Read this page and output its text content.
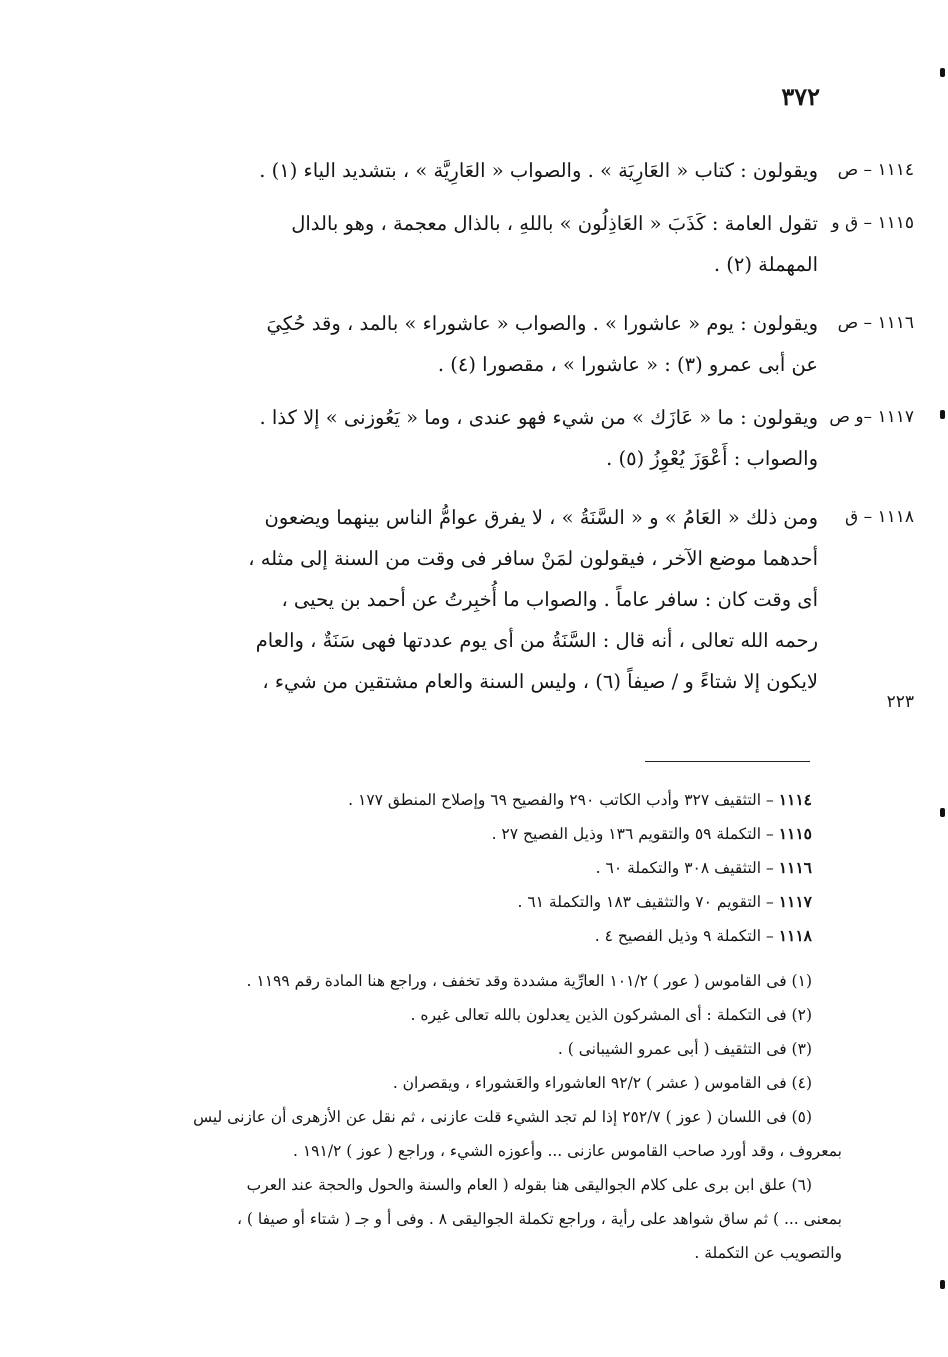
٣٧٢
١١١٤ – ص
ويقولون : كتاب « العَارِيَة » . والصواب « العَارِيَّة » ، بتشديد الياء (١) .
١١١٥ – ق و
تقول العامة : كَذَبَ « العَاذِلُون » باللهِ ، بالذال معجمة ، وهو بالدال
المهملة (٢) .
١١١٦ – ص
ويقولون : يوم « عاشورا » . والصواب « عاشوراء » بالمد ، وقد حُكِيَ
عن أبى عمرو (٣) : « عاشورا » ، مقصورا (٤) .
١١١٧ –و ص
ويقولون : ما « عَازَك » من شيء فهو عندى ، وما « يَعُوزنى » إلا كذا .
والصواب : أَعْوَزَ يُعْوِزُ (٥) .
١١١٨ – ق
ومن ذلك « العَامُ » و « السَّنَةُ » ، لا يفرق عوامُّ الناس بينهما ويضعون
أحدهما موضع الآخر ، فيقولون لمَنْ سافر فى وقت من السنة إلى مثله ،
أى وقت كان : سافر عاماً . والصواب ما أُخبِرتُ عن أحمد بن يحيى ،
رحمه الله تعالى ، أنه قال : السَّنَةُ من أى يوم عددتها فهى سَنَةٌ ، والعام
لايكون إلا شتاءً و / صيفاً (٦) ، وليس السنة والعام مشتقين من شيء ،
٢٢٣
١١١٤ – التثقيف ٣٢٧ وأدب الكاتب ٢٩٠ والفصيح ٦٩ وإصلاح المنطق ١٧٧ .
١١١٥ – التكملة ٥٩ والتقويم ١٣٦ وذيل الفصيح ٢٧ .
١١١٦ – التثقيف ٣٠٨ والتكملة ٦٠ .
١١١٧ – التقويم ٧٠ والتثقيف ١٨٣ والتكملة ٦١ .
١١١٨ – التكملة ٩ وذيل الفصيح ٤ .
(١) فى القاموس ( عور ) ١٠١/٢ العارِّية مشددة وقد تخفف ، وراجع هنا المادة رقم ١١٩٩ .
(٢) فى التكملة : أى المشركون الذين يعدلون بالله تعالى غيره .
(٣) فى التثقيف ( أبى عمرو الشيبانى ) .
(٤) فى القاموس ( عشر ) ٩٢/٢ العاشوراء والعَشوراء ، ويقصران .
(٥) فى اللسان ( عوز ) ٢٥٢/٧ إذا لم تجد الشيء قلت عازنى ، ثم نقل عن الأزهرى أن عازنى ليس
بمعروف ، وقد أورد صاحب القاموس عازنى ... وأعوزه الشيء ، وراجع ( عوز ) ١٩١/٢ .
(٦) علق ابن برى على كلام الجواليقى هنا بقوله ( العام والسنة والحول والحجة عند العرب
بمعنى ... ) ثم ساق شواهد على رأية ، وراجع تكملة الجواليقى ٨ . وفى أ و جـ ( شتاء أو صيفا ) ،
والتصويب عن التكملة .
